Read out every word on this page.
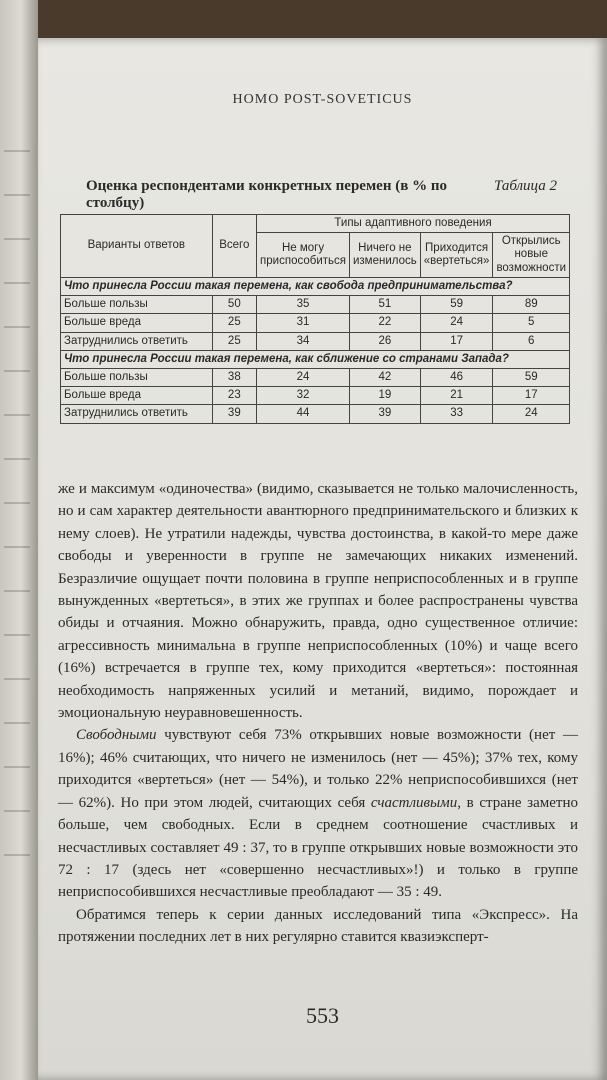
HOMO POST-SOVETICUS
Таблица 2
Оценка респондентами конкретных перемен (в % по столбцу)
Варианты ответов	Всего	Типы адаптивного поведения			
		Не могу приспособиться	Ничего не изменилось	Приходится «вертеться»	Открылись новые возможности
Что принесла России такая перемена, как свобода предпринимательства?					
Больше пользы	50	35	51	59	89
Больше вреда	25	31	22	24	5
Затруднились ответить	25	34	26	17	6
Что принесла России такая перемена, как сближение со странами Запада?					
Больше пользы	38	24	42	46	59
Больше вреда	23	32	19	21	17
Затруднились ответить	39	44	39	33	24

же и максимум «одиночества» (видимо, сказывается не только малочисленность, но и сам характер деятельности авантюрного предпринимательского и близких к нему слоев). Не утратили надежды, чувства достоинства, в какой-то мере даже свободы и уверенности в группе не замечающих никаких изменений. Безразличие ощущает почти половина в группе неприспособленных и в группе вынужденных «вертеться», в этих же группах и более распространены чувства обиды и отчаяния. Можно обнаружить, правда, одно существенное отличие: агрессивность минимальна в группе неприспособленных (10%) и чаще всего (16%) встречается в группе тех, кому приходится «вертеться»: постоянная необходимость напряженных усилий и метаний, видимо, порождает и эмоциональную неуравновешенность.

Свободными чувствуют себя 73% открывших новые возможности (нет — 16%); 46% считающих, что ничего не изменилось (нет — 45%); 37% тех, кому приходится «вертеться» (нет — 54%), и только 22% неприспособившихся (нет — 62%). Но при этом людей, считающих себя счастливыми, в стране заметно больше, чем свободных. Если в среднем соотношение счастливых и несчастливых составляет 49 : 37, то в группе открывших новые возможности это 72 : 17 (здесь нет «совершенно несчастливых»!) и только в группе неприспособившихся несчастливые преобладают — 35 : 49.

Обратимся теперь к серии данных исследований типа «Экспресс». На протяжении последних лет в них регулярно ставится квазиэксперт-

553
